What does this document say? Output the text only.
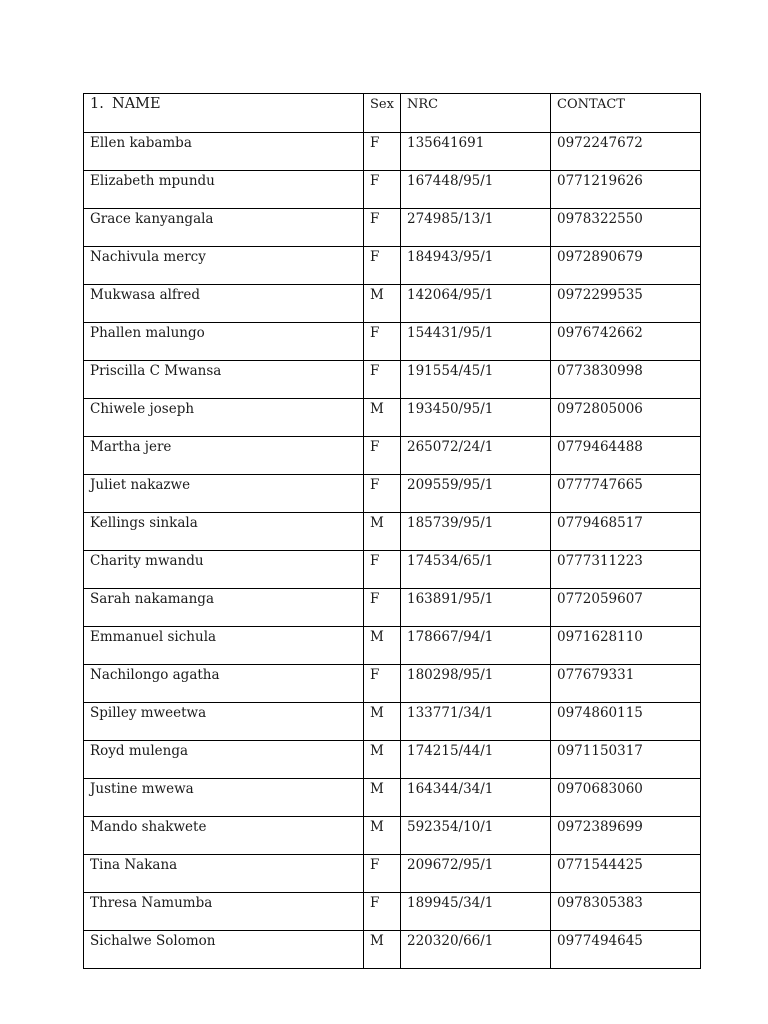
1. NAME	Sex	NRC	CONTACT
Ellen kabamba	F	135641691	0972247672
Elizabeth mpundu	F	167448/95/1	0771219626
Grace kanyangala	F	274985/13/1	0978322550
Nachivula mercy	F	184943/95/1	0972890679
Mukwasa alfred	M	142064/95/1	0972299535
Phallen malungo	F	154431/95/1	0976742662
Priscilla C Mwansa	F	191554/45/1	0773830998
Chiwele joseph	M	193450/95/1	0972805006
Martha jere	F	265072/24/1	0779464488
Juliet nakazwe	F	209559/95/1	0777747665
Kellings sinkala	M	185739/95/1	0779468517
Charity mwandu	F	174534/65/1	0777311223
Sarah nakamanga	F	163891/95/1	0772059607
Emmanuel sichula	M	178667/94/1	0971628110
Nachilongo agatha	F	180298/95/1	077679331
Spilley mweetwa	M	133771/34/1	0974860115
Royd mulenga	M	174215/44/1	0971150317
Justine mwewa	M	164344/34/1	0970683060
Mando shakwete	M	592354/10/1	0972389699
Tina Nakana	F	209672/95/1	0771544425
Thresa Namumba	F	189945/34/1	0978305383
Sichalwe Solomon	M	220320/66/1	0977494645
